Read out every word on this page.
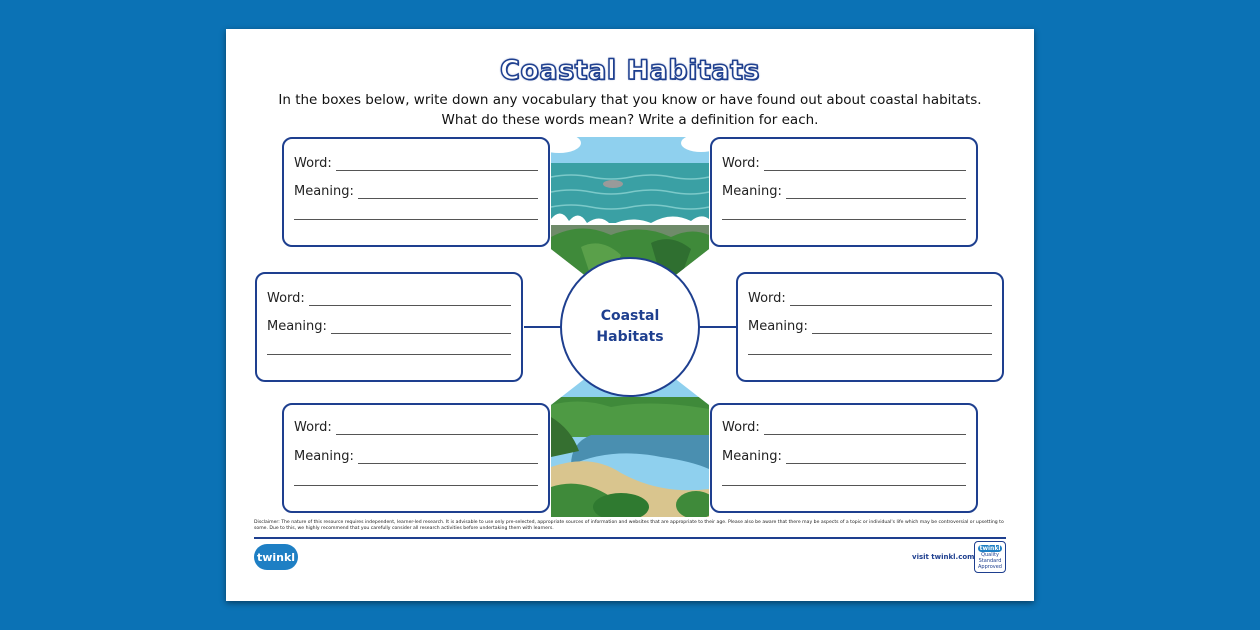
Coastal Habitats
In the boxes below, write down any vocabulary that you know or have found out about coastal habitats.
What do these words mean? Write a definition for each.
Coastal
Habitats
Word:
Meaning:
Word:
Meaning:
Word:
Meaning:
Word:
Meaning:
Word:
Meaning:
Word:
Meaning:
Disclaimer: The nature of this resource requires independent, learner-led research. It is advisable to use only pre-selected, appropriate sources of information and websites that are appropriate to their age. Please also be aware that there may be aspects of a topic or individual's life which may be controversial or upsetting to some. Due to this, we highly recommend that you carefully consider all research activities before undertaking them with learners.
twinkl	visit twinkl.com
twinkl
Quality Standard Approved
